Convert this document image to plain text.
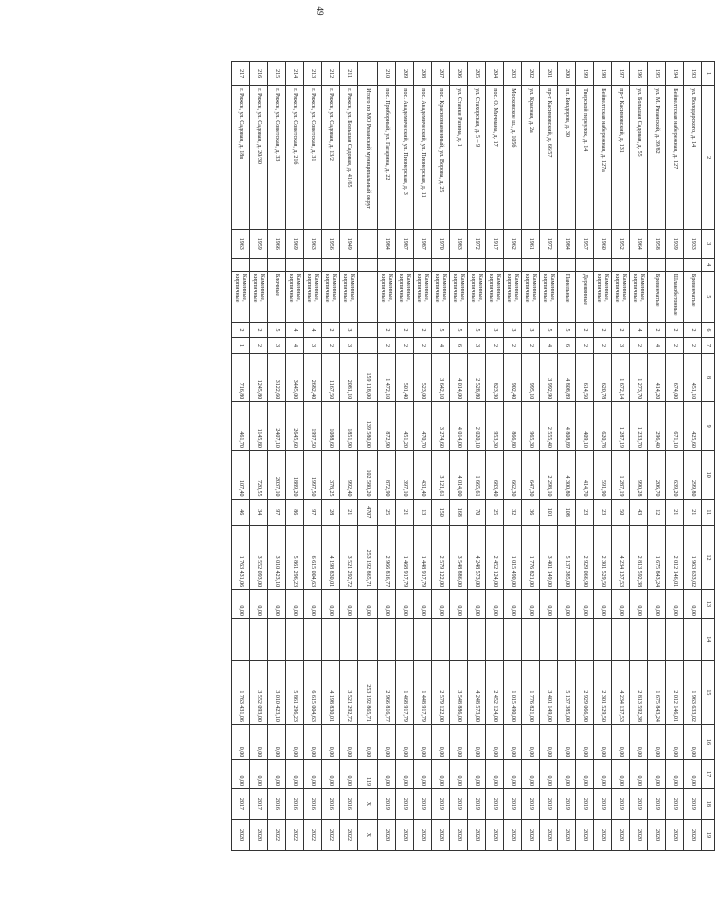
49
1	2	3	4	5	6	7	8	9	10	11	12	13	14	15	16	17	18	19
193	ул. Володарского, д. 14	1933		Бревенчатые	2	2	451,10	425,60	299,80	21	1 963 633,02	0,00		1 963 633,02	0,00	0,00	2019	2020
194	Бейвелтская набережная, д. 127	1939		Шлакобетонные	2	2	674,00	671,10	639,20	21	2 012 146,01	0,00		2 012 146,01	0,00	0,00	2019	2020
195	ул. М. Рязанской, д. 39/82	1958		Бревенчатые	2	4	414,20	296,40	206,70	12	1 675 843,24	0,00		1 675 843,24	0,00	0,00	2019	2020
196	ул. Большая Садовая, д. 55	1964		Каменные, кирпичные	4	2	1 273,70	1 233,70	990,28	43	2 813 592,38	0,00		2 813 592,38	0,00	0,00	2019	2020
197	пр-т Касимовский, д. 131	1952		Каменные, кирпичные	2	3	1 672,14	1 287,19	1 287,19	50	4 234 137,53	0,00		4 234 137,53	0,00	0,00	2019	2020
198	Бейвелтская набережная, д. 127а	1960		Каменные, кирпичные	2	2	620,78	620,78	591,90	23	2 301 529,50	0,00		2 301 529,50	0,00	0,00	2019	2020
199	Тверской переулок, д. 14	1957		Деревянные	2	2	614,50	409,10	414,70	23	2 929 066,90	0,00		2 929 066,90	0,00	0,00	2019	2020
200	пл. Биодоров, д. 30	1984		Панельные	5	6	4 808,89	4 808,89	4 300,80	108	5 137 385,00	0,00		5 137 385,00	0,00	0,00	2019	2020
201	пр-т Касимовский, д. 66/57	1972		Каменные, кирпичные	5	4	3 992,90	2 555,40	2 298,10	101	3 401 149,00	0,00		3 401 149,00	0,00	0,00	2019	2020
202	ул. Красная, д. 2а	1961		Каменные, кирпичные	3	2	995,10	965,30	647,30	36	1 776 821,00	0,00		1 776 821,00	0,00	0,00	2019	2020
203	Московское ш., д. 105б	1962		Каменные, кирпичные	3	2	902,40	866,80	662,30	32	1 015 490,00	0,00		1 015 490,00	0,00	0,00	2019	2020
204	пос. О. Мичмана, д. 17	1917		Каменные, кирпичные	3	2	823,30	953,30	683,40	25	2 452 124,00	0,00		2 452 124,00	0,00	0,00	2019	2020
205	ул. Стахорская, д. 5 – 9	1972		Каменные, кирпичные	5	3	2 528,80	2 020,10	1 665,61	70	4 248 573,00	0,00		4 248 573,00	0,00	0,00	2019	2020
206	ул. Станки Разина, д. 1	1983		Каменные, кирпичные	5	6	4 014,00	4 014,00	4 014,00	168	3 548 886,00	0,00		3 548 886,00	0,00	0,00	2019	2020
207	пос. Краснознаменный, ул. Ворова, д. 25	1970		Каменные, кирпичные	5	4	3 642,10	3 274,60	3 121,61	150	2 579 122,00	0,00		2 579 122,00	0,00	0,00	2019	2020
208	пос. Академический, ул. Пионерская, д. 11	1987		Каменные, кирпичные	2	2	523,00	470,70	431,40	13	1 448 917,79	0,00		1 448 917,79	0,00	0,00	2019	2020
209	пос. Академический, ул. Пионерская, д. 3	1987		Каменные, кирпичные	2	2	501,40	451,20	397,10	21	1 468 917,79	0,00		1 468 917,79	0,00	0,00	2019	2020
210	пос. Приборный, ул. Гагарина, д. 22	1984		Каменные, кирпичные	2	2	1 472,10	872,90	872,90	25	2 966 816,77	0,00		2 966 816,77	0,00	0,00	2019	2020
	Итого по МО Рязанский муниципальный округ						159 118,00	139 580,00	102 580,20	4707	253 192 865,71	0,00		253 192 865,71	0,00	119	Х	Х
211	г. Ряжск, ул. Большая Садовая, д. 41/65	1949		Каменные, кирпичные	3	3	2081,10	1851,90	992,40	21	3 521 292,72	0,00		3 521 292,72	0,00	0,00	2016	2022
212	г. Ряжск, ул. Садовая, д. 13/2	1956		Каменные, кирпичные	2	2	1167,50	1088,60	378,25	28	4 198 830,01	0,00		4 198 830,01	0,00	0,00	2016	2022
213	г. Ряжск, ул. Советская, д. 31	1963		Каменные, кирпичные	4	3	2682,40	1997,50	1997,50	97	6 615 004,63	0,00		6 615 004,63	0,00	0,00	2016	2022
214	г. Ряжск, ул. Советская, д. 21б	1969		Каменные, кирпичные	4	4	3445,00	2645,60	1889,20	86	5 861 296,23	0,00		5 861 296,23	0,00	0,00	2016	2022
215	г. Ряжск, ул. Советская, д. 33	1966		Блочные	5	3	3122,60	2407,10	2037,10	97	3 010 423,10	0,00		3 010 423,10	0,00	0,00	2016	2022
216	г. Ряжск, ул. Садовая, д. 20/30	1959		Каменные, кирпичные	2	2	1245,80	1145,80	720,55	34	3 552 093,00	0,00		3 552 093,00	0,00	0,00	2017	2020
217	г. Ряжск, ул. Садовая, д. 18в	1963		Каменные, кирпичные	2	1	716,80	461,70	107,40	46	1 763 431,06	0,00		1 763 431,06	0,00	0,00	2017	2020
